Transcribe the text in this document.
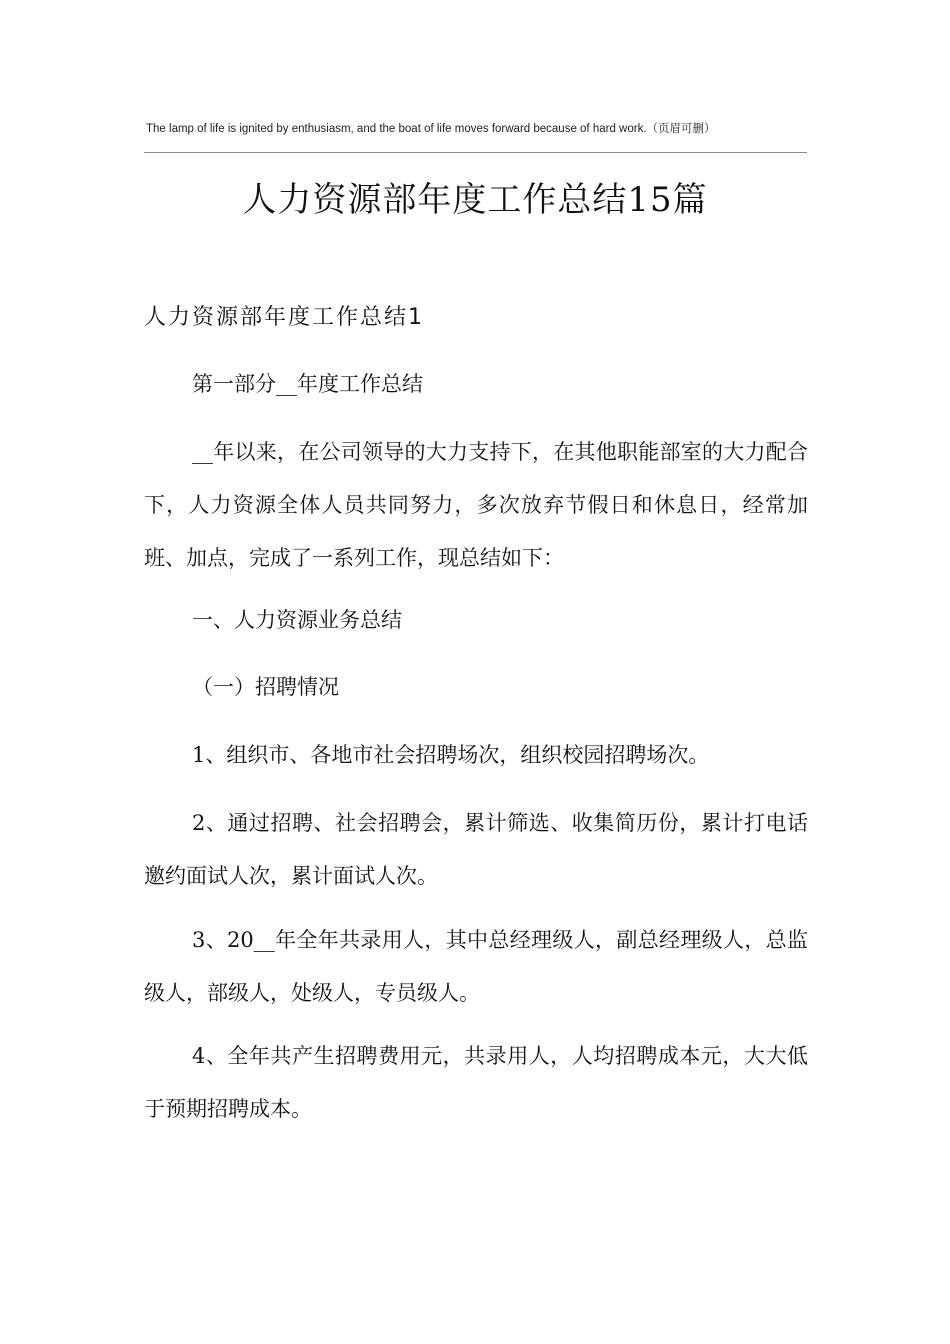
The lamp of life is ignited by enthusiasm, and the boat of life moves forward because of hard work.（页眉可删）
人力资源部年度工作总结15篇
人力资源部年度工作总结1

第一部分__年度工作总结

__年以来，在公司领导的大力支持下，在其他职能部室的大力配合下，人力资源全体人员共同努力，多次放弃节假日和休息日，经常加班、加点，完成了一系列工作，现总结如下：

一、人力资源业务总结

（一）招聘情况

1、组织市、各地市社会招聘场次，组织校园招聘场次。

2、通过招聘、社会招聘会，累计筛选、收集简历份，累计打电话邀约面试人次，累计面试人次。

3、20__年全年共录用人，其中总经理级人，副总经理级人，总监级人，部级人，处级人，专员级人。

4、全年共产生招聘费用元，共录用人，人均招聘成本元，大大低于预期招聘成本。
